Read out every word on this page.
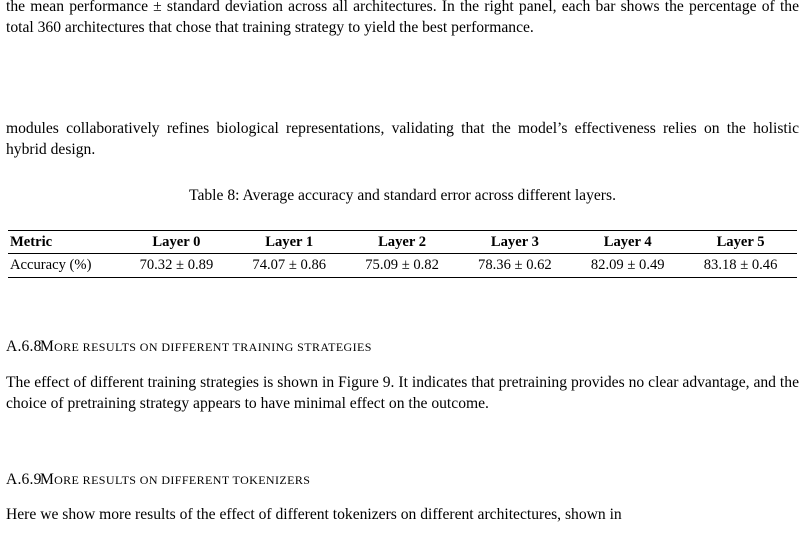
the mean performance ± standard deviation across all architectures. In the right panel, each bar shows the percentage of the total 360 architectures that chose that training strategy to yield the best performance.

modules collaboratively refines biological representations, validating that the model’s effectiveness relies on the holistic hybrid design.

Table 8: Average accuracy and standard error across different layers.
Metric	Layer 0	Layer 1	Layer 2	Layer 3	Layer 4	Layer 5
Accuracy (%)	70.32 ± 0.89	74.07 ± 0.86	75.09 ± 0.82	78.36 ± 0.62	82.09 ± 0.49	83.18 ± 0.46
A.6.8MORE RESULTS ON DIFFERENT TRAINING STRATEGIES

The effect of different training strategies is shown in Figure 9. It indicates that pretraining provides no clear advantage, and the choice of pretraining strategy appears to have minimal effect on the outcome.

A.6.9MORE RESULTS ON DIFFERENT TOKENIZERS

Here we show more results of the effect of different tokenizers on different architectures, shown in
